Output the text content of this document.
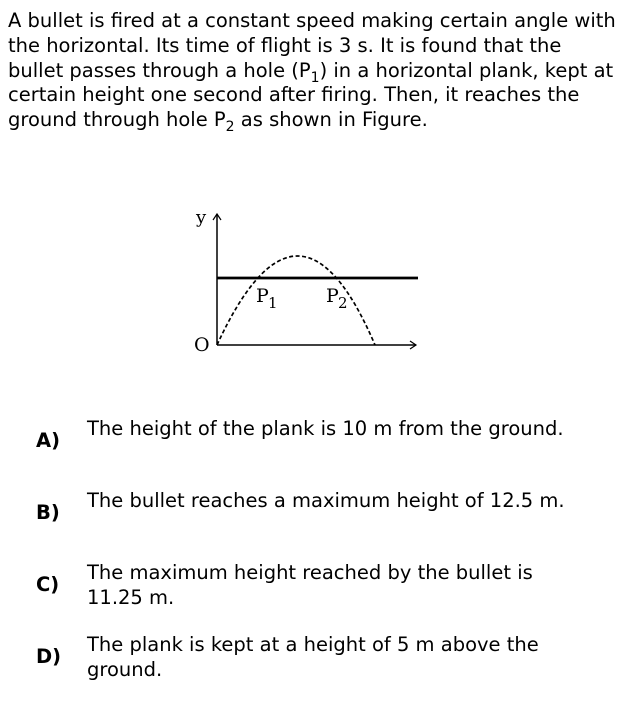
A bullet is fired at a constant speed making certain angle with the horizontal. Its time of flight is 3 s. It is found that the bullet passes through a hole $(P_1)$ in a horizontal plank, kept at certain height one second after firing. Then, it reaches the ground through hole $P_2$ as shown in Figure.

y
O
P 1	P 2
A)
The height of the plank is 10 m from the ground.
B)
The bullet reaches a maximum height of 12.5 m.
C)
The maximum height reached by the bullet is 11.25 m.
D)
The plank is kept at a height of 5 m above the ground.
